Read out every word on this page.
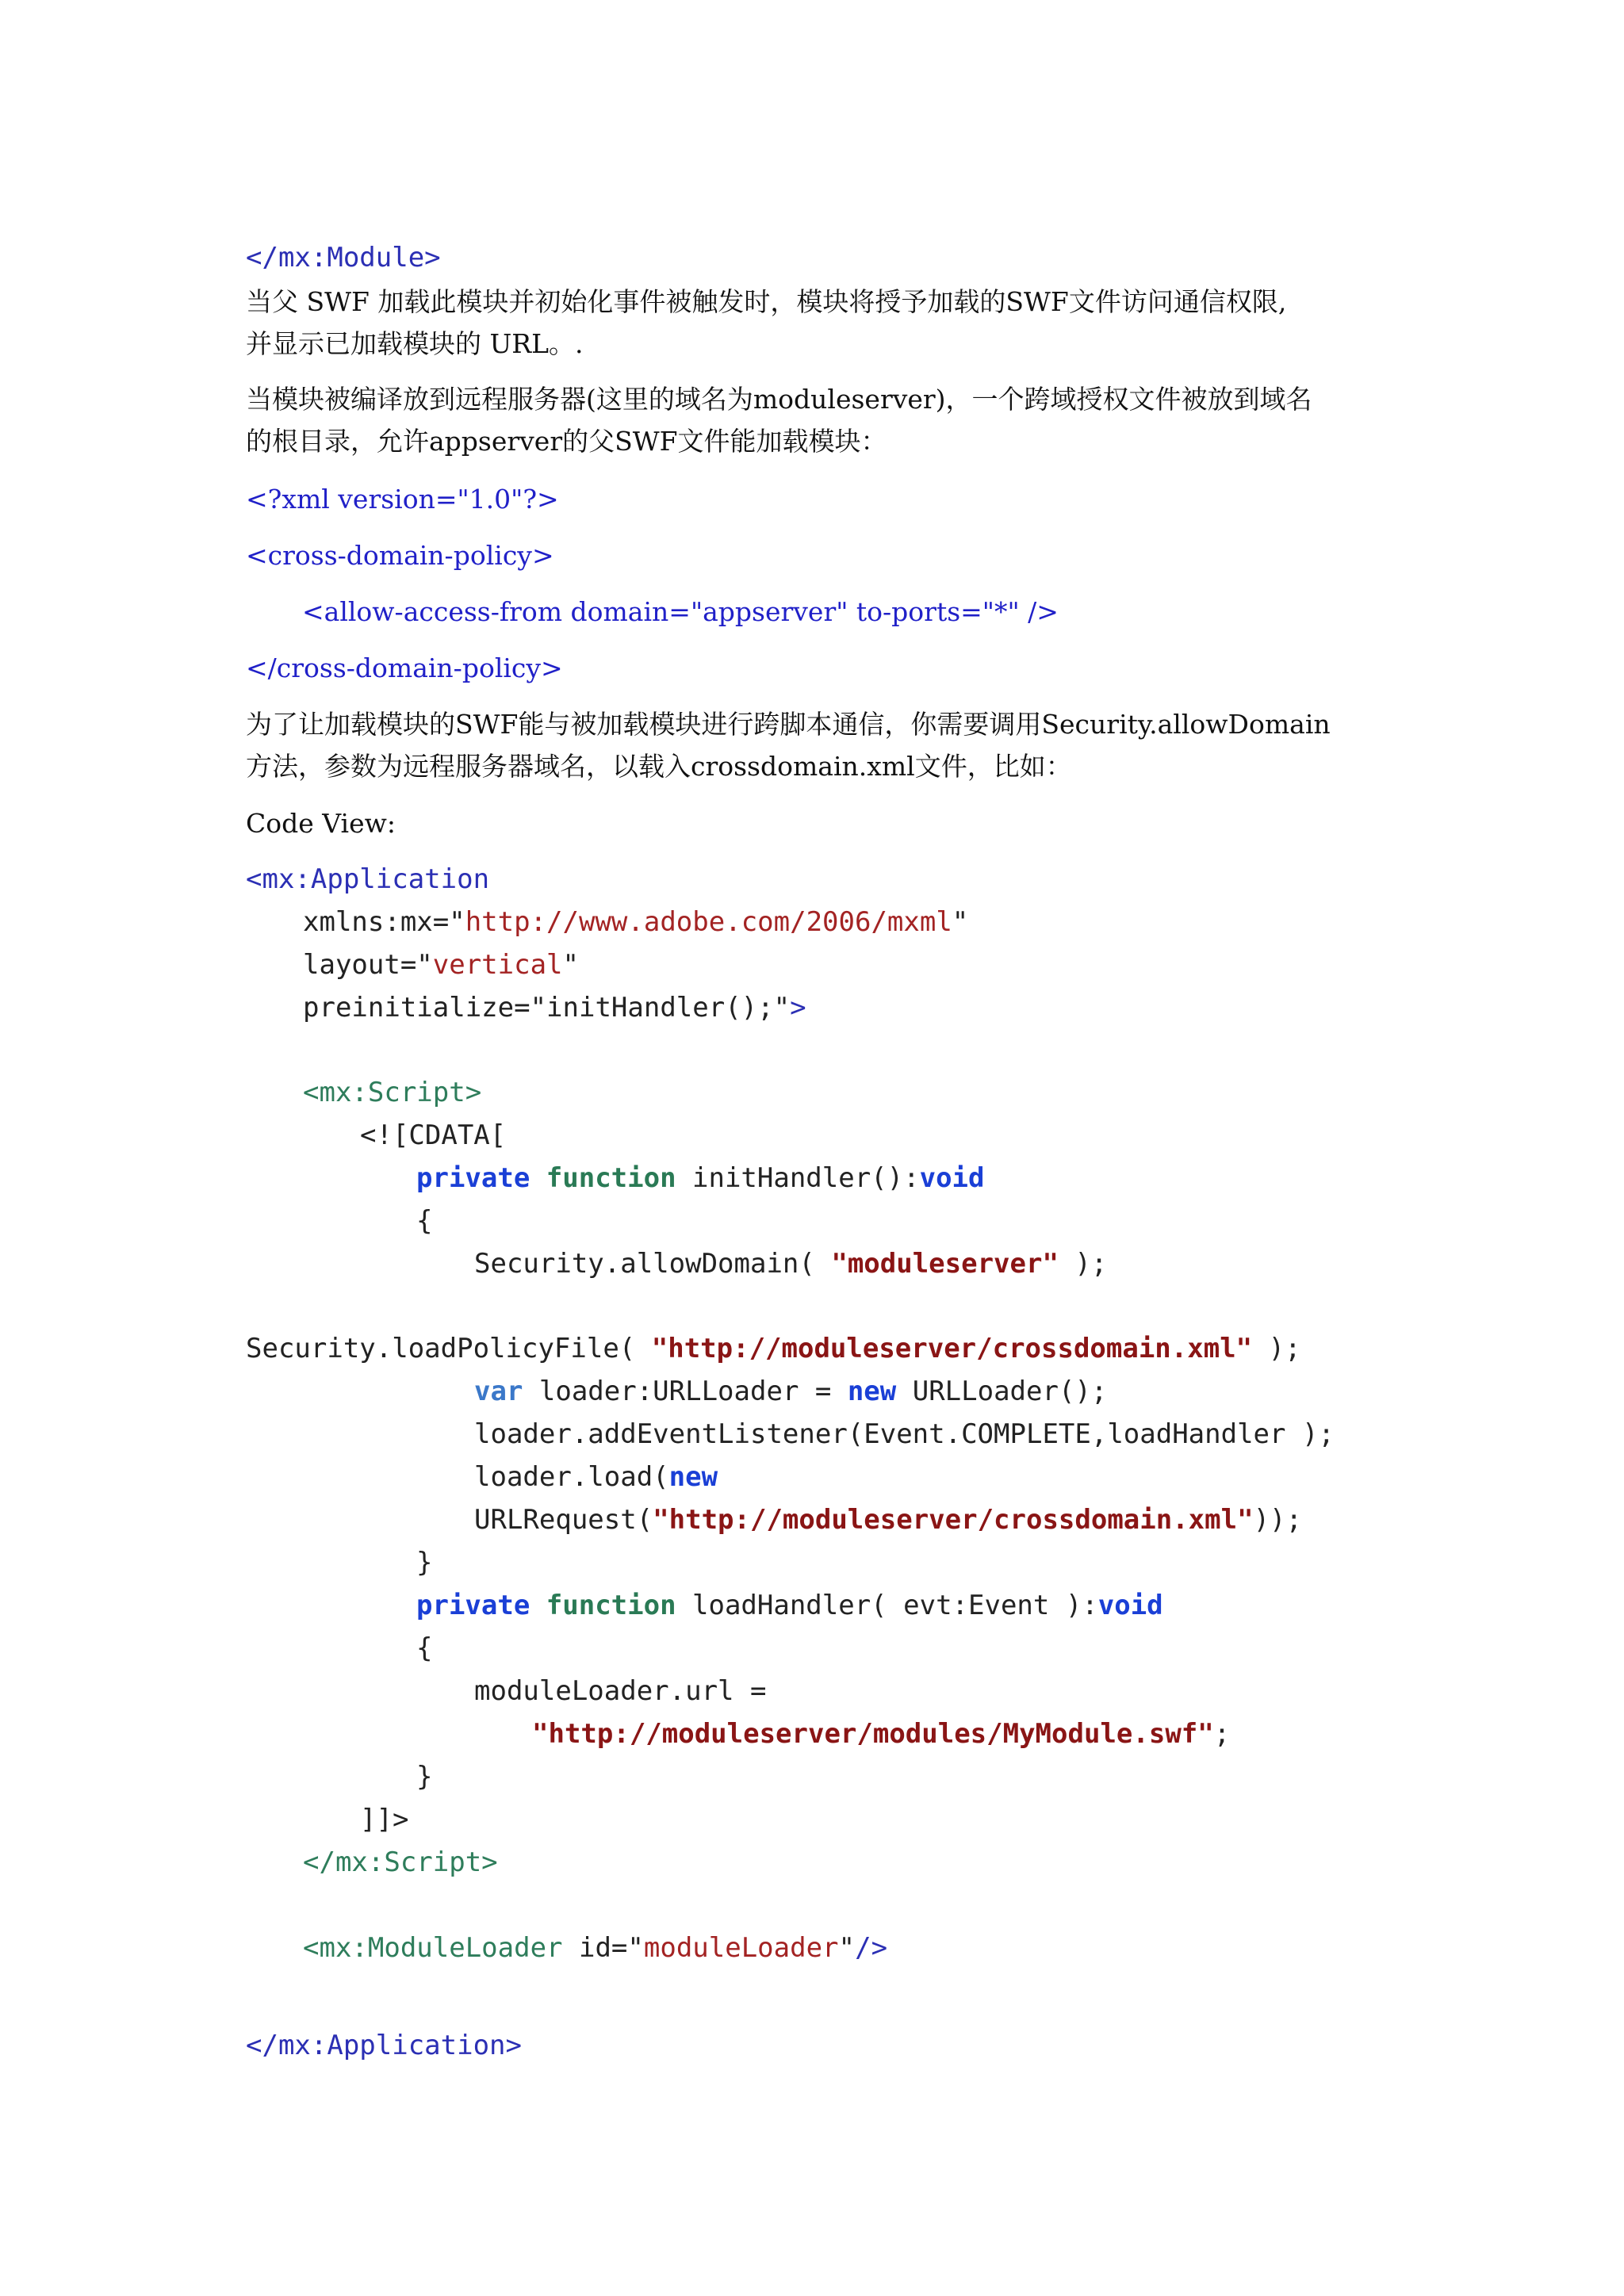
</mx:Module>

当父 SWF 加载此模块并初始化事件被触发时，模块将授予加载的SWF文件访问通信权限,

并显示已加载模块的 URL。.

当模块被编译放到远程服务器(这里的域名为moduleserver)，一个跨域授权文件被放到域名

的根目录，允许appserver的父SWF文件能加载模块：

<?xml version="1.0"?>

<cross-domain-policy>

<allow-access-from domain="appserver" to-ports="*" />

</cross-domain-policy>

为了让加载模块的SWF能与被加载模块进行跨脚本通信，你需要调用Security.allowDomain

方法，参数为远程服务器域名，以载入crossdomain.xml文件，比如：

Code View:

<mx:Application

xmlns:mx="http://www.adobe.com/2006/mxml"

layout="vertical"

preinitialize="initHandler();">

<mx:Script>

<![CDATA[

private function initHandler():void

{

Security.allowDomain( "moduleserver" );

Security.loadPolicyFile( "http://moduleserver/crossdomain.xml" );

var loader:URLLoader = new URLLoader();

loader.addEventListener(Event.COMPLETE,loadHandler );

loader.load(new

URLRequest("http://moduleserver/crossdomain.xml"));

}

private function loadHandler( evt:Event ):void

{

moduleLoader.url =

"http://moduleserver/modules/MyModule.swf";

}

]]>

</mx:Script>

<mx:ModuleLoader id="moduleLoader" />

</mx:Application>
